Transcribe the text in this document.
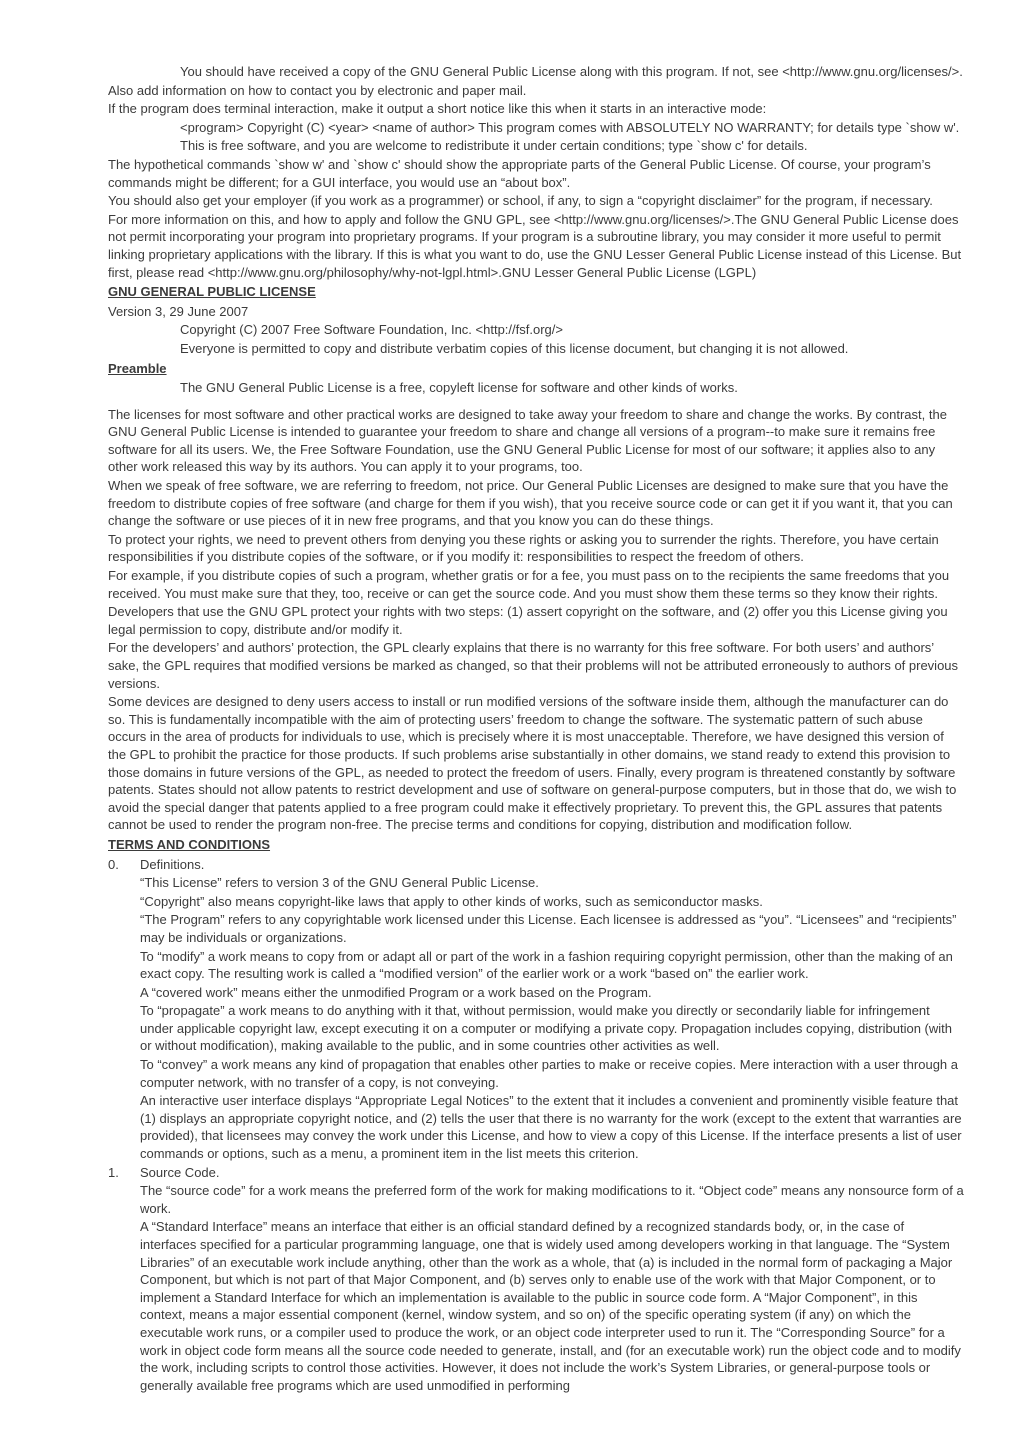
You should have received a copy of the GNU General Public License along with this program. If not, see <http://www.gnu.org/licenses/>.
Also add information on how to contact you by electronic and paper mail.
If the program does terminal interaction, make it output a short notice like this when it starts in an interactive mode:
<program> Copyright (C) <year> <name of author> This program comes with ABSOLUTELY NO WARRANTY; for details type `show w'.
This is free software, and you are welcome to redistribute it under certain conditions; type `show c' for details.
The hypothetical commands `show w' and `show c' should show the appropriate parts of the General Public License. Of course, your program’s commands might be different; for a GUI interface, you would use an “about box”.
You should also get your employer (if you work as a programmer) or school, if any, to sign a “copyright disclaimer” for the program, if necessary.
For more information on this, and how to apply and follow the GNU GPL, see <http://www.gnu.org/licenses/>.The GNU General Public License does not permit incorporating your program into proprietary programs. If your program is a subroutine library, you may consider it more useful to permit linking proprietary applications with the library. If this is what you want to do, use the GNU Lesser General Public License instead of this License. But first, please read <http://www.gnu.org/philosophy/why-not-lgpl.html>.GNU Lesser General Public License (LGPL)
GNU GENERAL PUBLIC LICENSE
Version 3, 29 June 2007
Copyright (C) 2007 Free Software Foundation, Inc. <http://fsf.org/>
Everyone is permitted to copy and distribute verbatim copies of this license document, but changing it is not allowed.
Preamble
The GNU General Public License is a free, copyleft license for software and other kinds of works.
The licenses for most software and other practical works are designed to take away your freedom to share and change the works. By contrast, the GNU General Public License is intended to guarantee your freedom to share and change all versions of a program--to make sure it remains free software for all its users. We, the Free Software Foundation, use the GNU General Public License for most of our software; it applies also to any other work released this way by its authors. You can apply it to your programs, too.
When we speak of free software, we are referring to freedom, not price. Our General Public Licenses are designed to make sure that you have the freedom to distribute copies of free software (and charge for them if you wish), that you receive source code or can get it if you want it, that you can change the software or use pieces of it in new free programs, and that you know you can do these things.
To protect your rights, we need to prevent others from denying you these rights or asking you to surrender the rights. Therefore, you have certain responsibilities if you distribute copies of the software, or if you modify it: responsibilities to respect the freedom of others.
For example, if you distribute copies of such a program, whether gratis or for a fee, you must pass on to the recipients the same freedoms that you received. You must make sure that they, too, receive or can get the source code. And you must show them these terms so they know their rights.
Developers that use the GNU GPL protect your rights with two steps: (1) assert copyright on the software, and (2) offer you this License giving you legal permission to copy, distribute and/or modify it.
For the developers’ and authors’ protection, the GPL clearly explains that there is no warranty for this free software. For both users’ and authors’ sake, the GPL requires that modified versions be marked as changed, so that their problems will not be attributed erroneously to authors of previous versions.
Some devices are designed to deny users access to install or run modified versions of the software inside them, although the manufacturer can do so. This is fundamentally incompatible with the aim of protecting users’ freedom to change the software. The systematic pattern of such abuse occurs in the area of products for individuals to use, which is precisely where it is most unacceptable. Therefore, we have designed this version of the GPL to prohibit the practice for those products. If such problems arise substantially in other domains, we stand ready to extend this provision to those domains in future versions of the GPL, as needed to protect the freedom of users. Finally, every program is threatened constantly by software patents. States should not allow patents to restrict development and use of software on general-purpose computers, but in those that do, we wish to avoid the special danger that patents applied to a free program could make it effectively proprietary. To prevent this, the GPL assures that patents cannot be used to render the program non-free. The precise terms and conditions for copying, distribution and modification follow.
TERMS AND CONDITIONS
0. Definitions.
“This License” refers to version 3 of the GNU General Public License.
“Copyright” also means copyright-like laws that apply to other kinds of works, such as semiconductor masks.
“The Program” refers to any copyrightable work licensed under this License. Each licensee is addressed as “you”. “Licensees” and “recipients” may be individuals or organizations.
To “modify” a work means to copy from or adapt all or part of the work in a fashion requiring copyright permission, other than the making of an exact copy. The resulting work is called a “modified version” of the earlier work or a work “based on” the earlier work.
A “covered work” means either the unmodified Program or a work based on the Program.
To “propagate” a work means to do anything with it that, without permission, would make you directly or secondarily liable for infringement under applicable copyright law, except executing it on a computer or modifying a private copy. Propagation includes copying, distribution (with or without modification), making available to the public, and in some countries other activities as well.
To “convey” a work means any kind of propagation that enables other parties to make or receive copies. Mere interaction with a user through a computer network, with no transfer of a copy, is not conveying.
An interactive user interface displays “Appropriate Legal Notices” to the extent that it includes a convenient and prominently visible feature that (1) displays an appropriate copyright notice, and (2) tells the user that there is no warranty for the work (except to the extent that warranties are provided), that licensees may convey the work under this License, and how to view a copy of this License. If the interface presents a list of user commands or options, such as a menu, a prominent item in the list meets this criterion.
1. Source Code.
The “source code” for a work means the preferred form of the work for making modifications to it. “Object code” means any nonsource form of a work.
A “Standard Interface” means an interface that either is an official standard defined by a recognized standards body, or, in the case of interfaces specified for a particular programming language, one that is widely used among developers working in that language. The “System Libraries” of an executable work include anything, other than the work as a whole, that (a) is included in the normal form of packaging a Major Component, but which is not part of that Major Component, and (b) serves only to enable use of the work with that Major Component, or to implement a Standard Interface for which an implementation is available to the public in source code form. A “Major Component”, in this context, means a major essential component (kernel, window system, and so on) of the specific operating system (if any) on which the executable work runs, or a compiler used to produce the work, or an object code interpreter used to run it. The “Corresponding Source” for a work in object code form means all the source code needed to generate, install, and (for an executable work) run the object code and to modify the work, including scripts to control those activities. However, it does not include the work’s System Libraries, or general-purpose tools or generally available free programs which are used unmodified in performing
